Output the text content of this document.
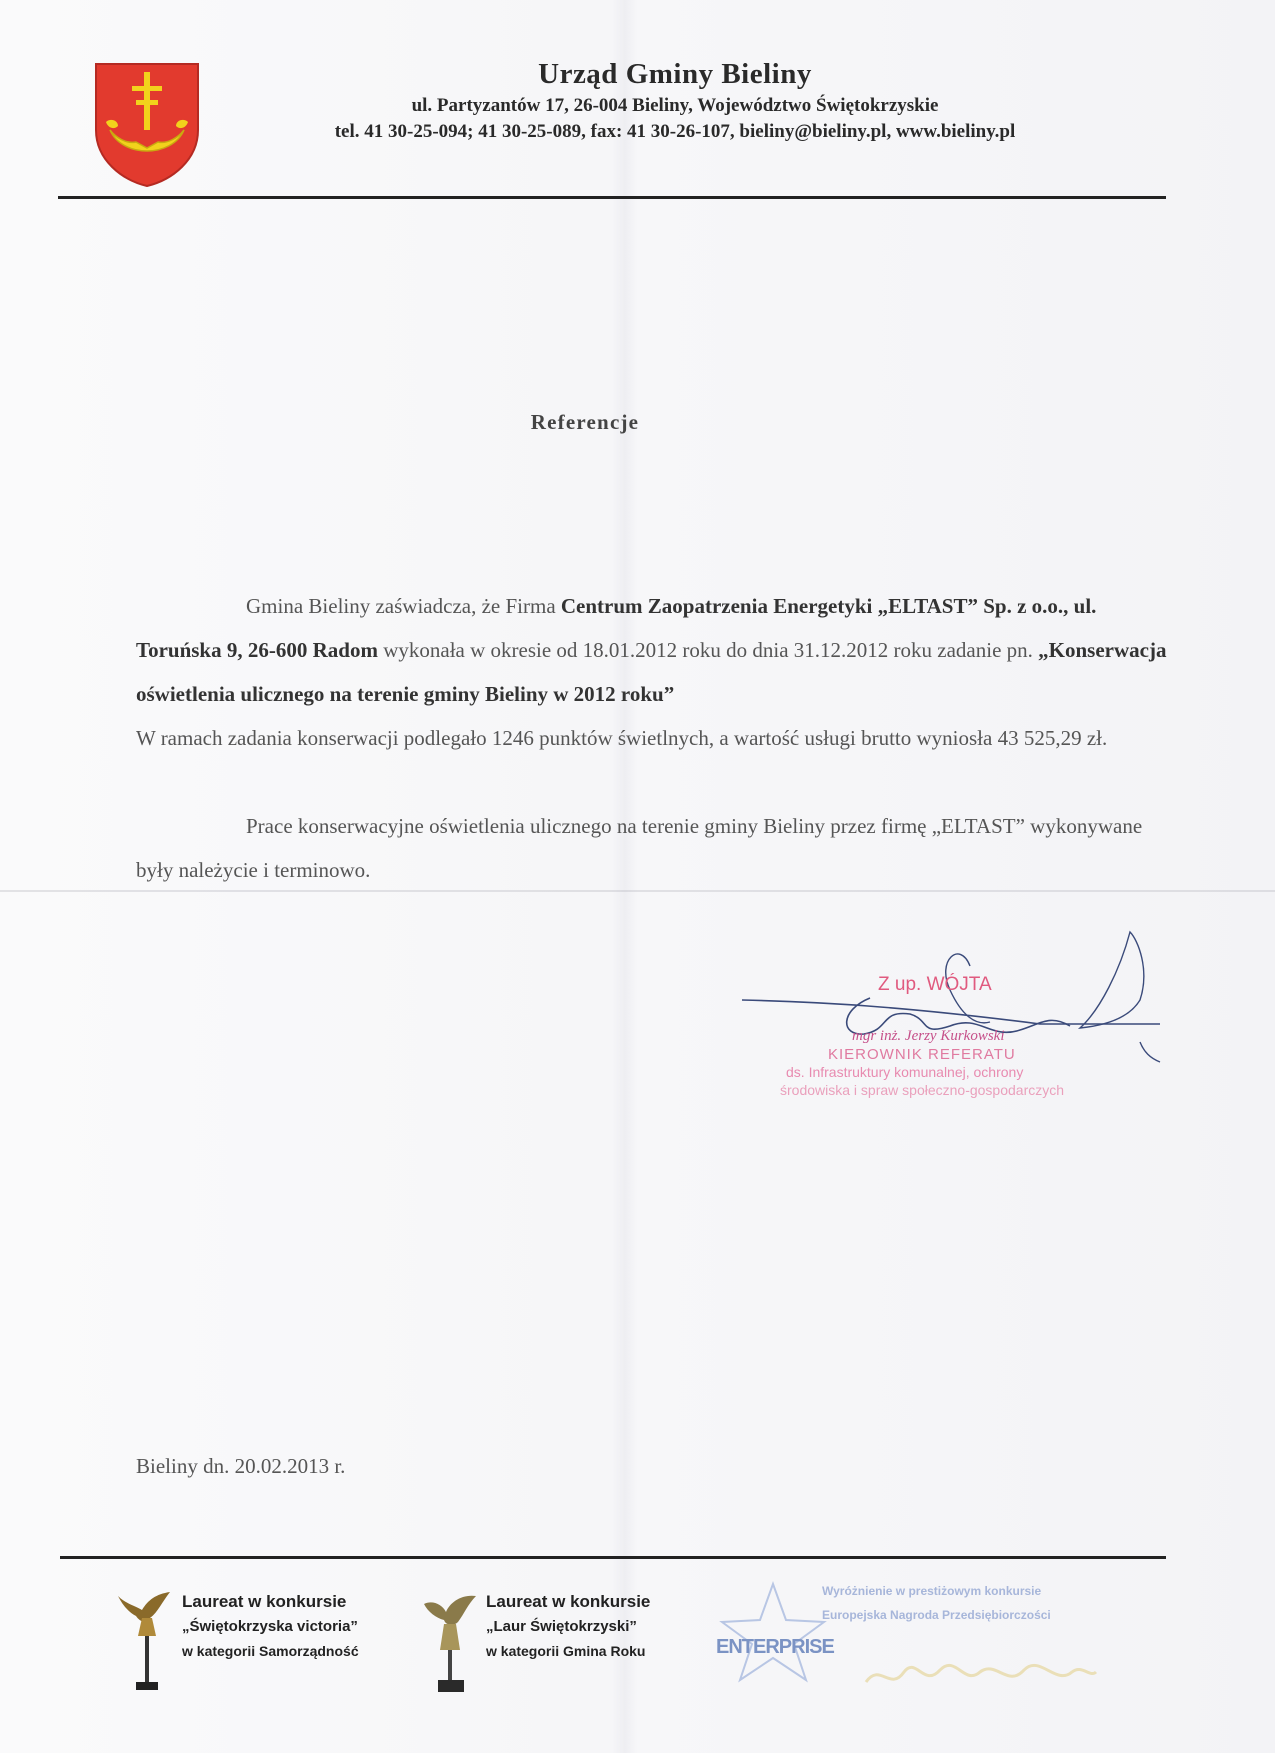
Urząd Gminy Bieliny
ul. Partyzantów 17, 26-004 Bieliny, Województwo Świętokrzyskie
tel. 41 30-25-094; 41 30-25-089, fax: 41 30-26-107, bieliny@bieliny.pl, www.bieliny.pl
Referencje
Gmina Bieliny zaświadcza, że Firma Centrum Zaopatrzenia Energetyki „ELTAST” Sp. z o.o., ul. Toruńska 9, 26-600 Radom wykonała w okresie od 18.01.2012 roku do dnia 31.12.2012 roku zadanie pn. „Konserwacja oświetlenia ulicznego na terenie gminy Bieliny w 2012 roku”
W ramach zadania konserwacji podlegało 1246 punktów świetlnych, a wartość usługi brutto wyniosła 43 525,29 zł.
Prace konserwacyjne oświetlenia ulicznego na terenie gminy Bieliny przez firmę „ELTAST” wykonywane były należycie i terminowo.
Z up. WÓJTA
mgr inż. Jerzy Kurkowski
KIEROWNIK REFERATU
ds. Infrastruktury komunalnej, ochrony
środowiska i spraw społeczno-gospodarczych
Bieliny dn. 20.02.2013 r.
Laureat w konkursie
„Świętokrzyska victoria”
w kategorii Samorządność
Laureat w konkursie
„Laur Świętokrzyski”
w kategorii Gmina Roku	ENTERPRISE
Wyróżnienie w prestiżowym konkursie
Europejska Nagroda Przedsiębiorczości
